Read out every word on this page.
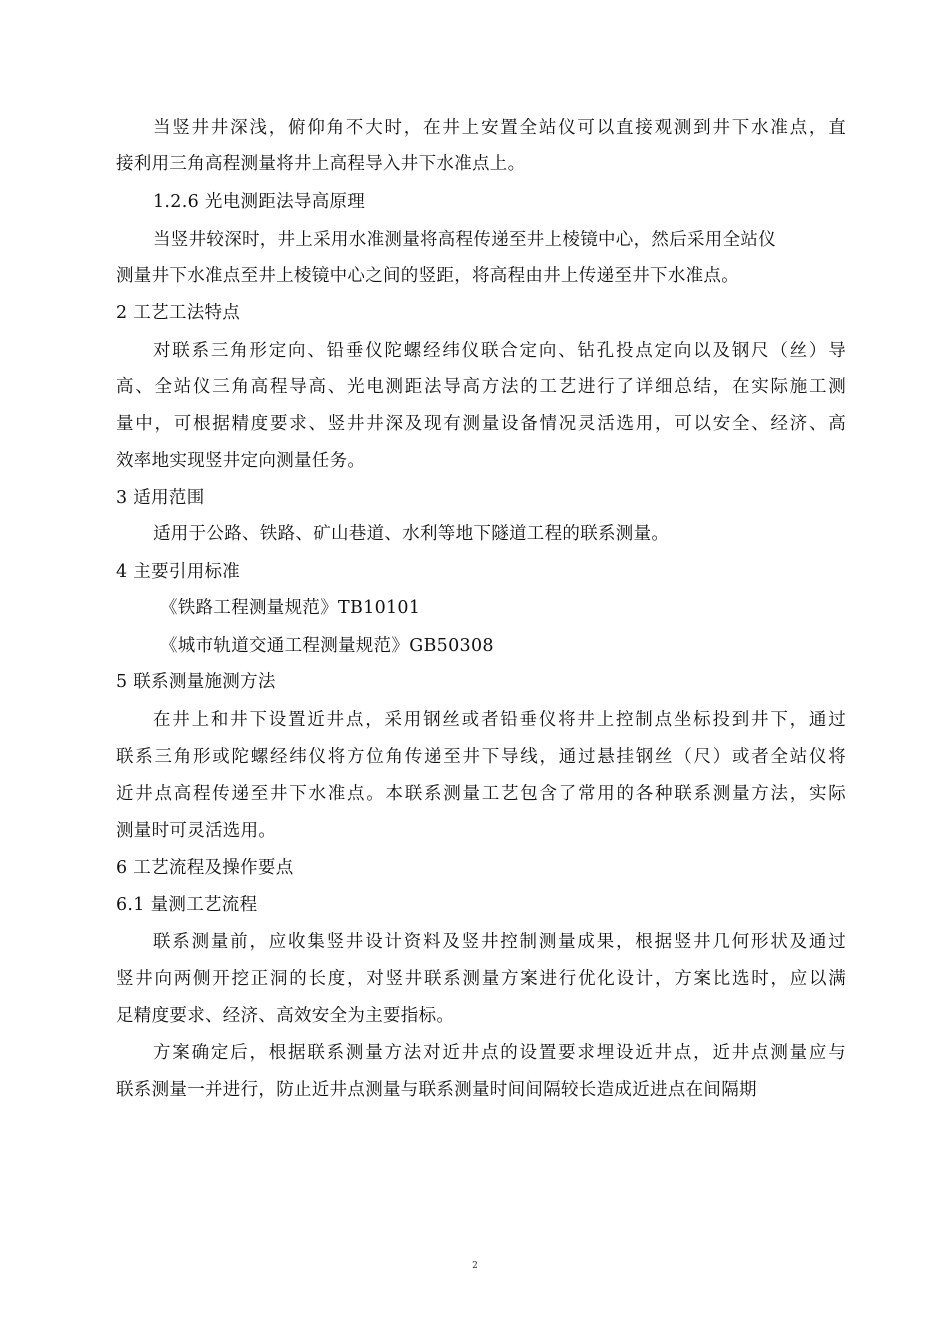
当竖井井深浅，俯仰角不大时，在井上安置全站仪可以直接观测到井下水准点，直
接利用三角高程测量将井上高程导入井下水准点上。
1.2.6 光电测距法导高原理
当竖井较深时，井上采用水准测量将高程传递至井上棱镜中心，然后采用全站仪
测量井下水准点至井上棱镜中心之间的竖距，将高程由井上传递至井下水准点。
2 工艺工法特点
对联系三角形定向、铅垂仪陀螺经纬仪联合定向、钻孔投点定向以及钢尺（丝）导
高、全站仪三角高程导高、光电测距法导高方法的工艺进行了详细总结，在实际施工测
量中，可根据精度要求、竖井井深及现有测量设备情况灵活选用，可以安全、经济、高
效率地实现竖井定向测量任务。
3 适用范围
适用于公路、铁路、矿山巷道、水利等地下隧道工程的联系测量。
4 主要引用标准
《铁路工程测量规范》TB10101
《城市轨道交通工程测量规范》GB50308
5 联系测量施测方法
在井上和井下设置近井点，采用钢丝或者铅垂仪将井上控制点坐标投到井下，通过
联系三角形或陀螺经纬仪将方位角传递至井下导线，通过悬挂钢丝（尺）或者全站仪将
近井点高程传递至井下水准点。本联系测量工艺包含了常用的各种联系测量方法，实际
测量时可灵活选用。
6 工艺流程及操作要点
6.1 量测工艺流程
联系测量前，应收集竖井设计资料及竖井控制测量成果，根据竖井几何形状及通过
竖井向两侧开挖正洞的长度，对竖井联系测量方案进行优化设计，方案比选时，应以满
足精度要求、经济、高效安全为主要指标。
方案确定后，根据联系测量方法对近井点的设置要求埋设近井点，近井点测量应与
联系测量一并进行，防止近井点测量与联系测量时间间隔较长造成近进点在间隔期
2
